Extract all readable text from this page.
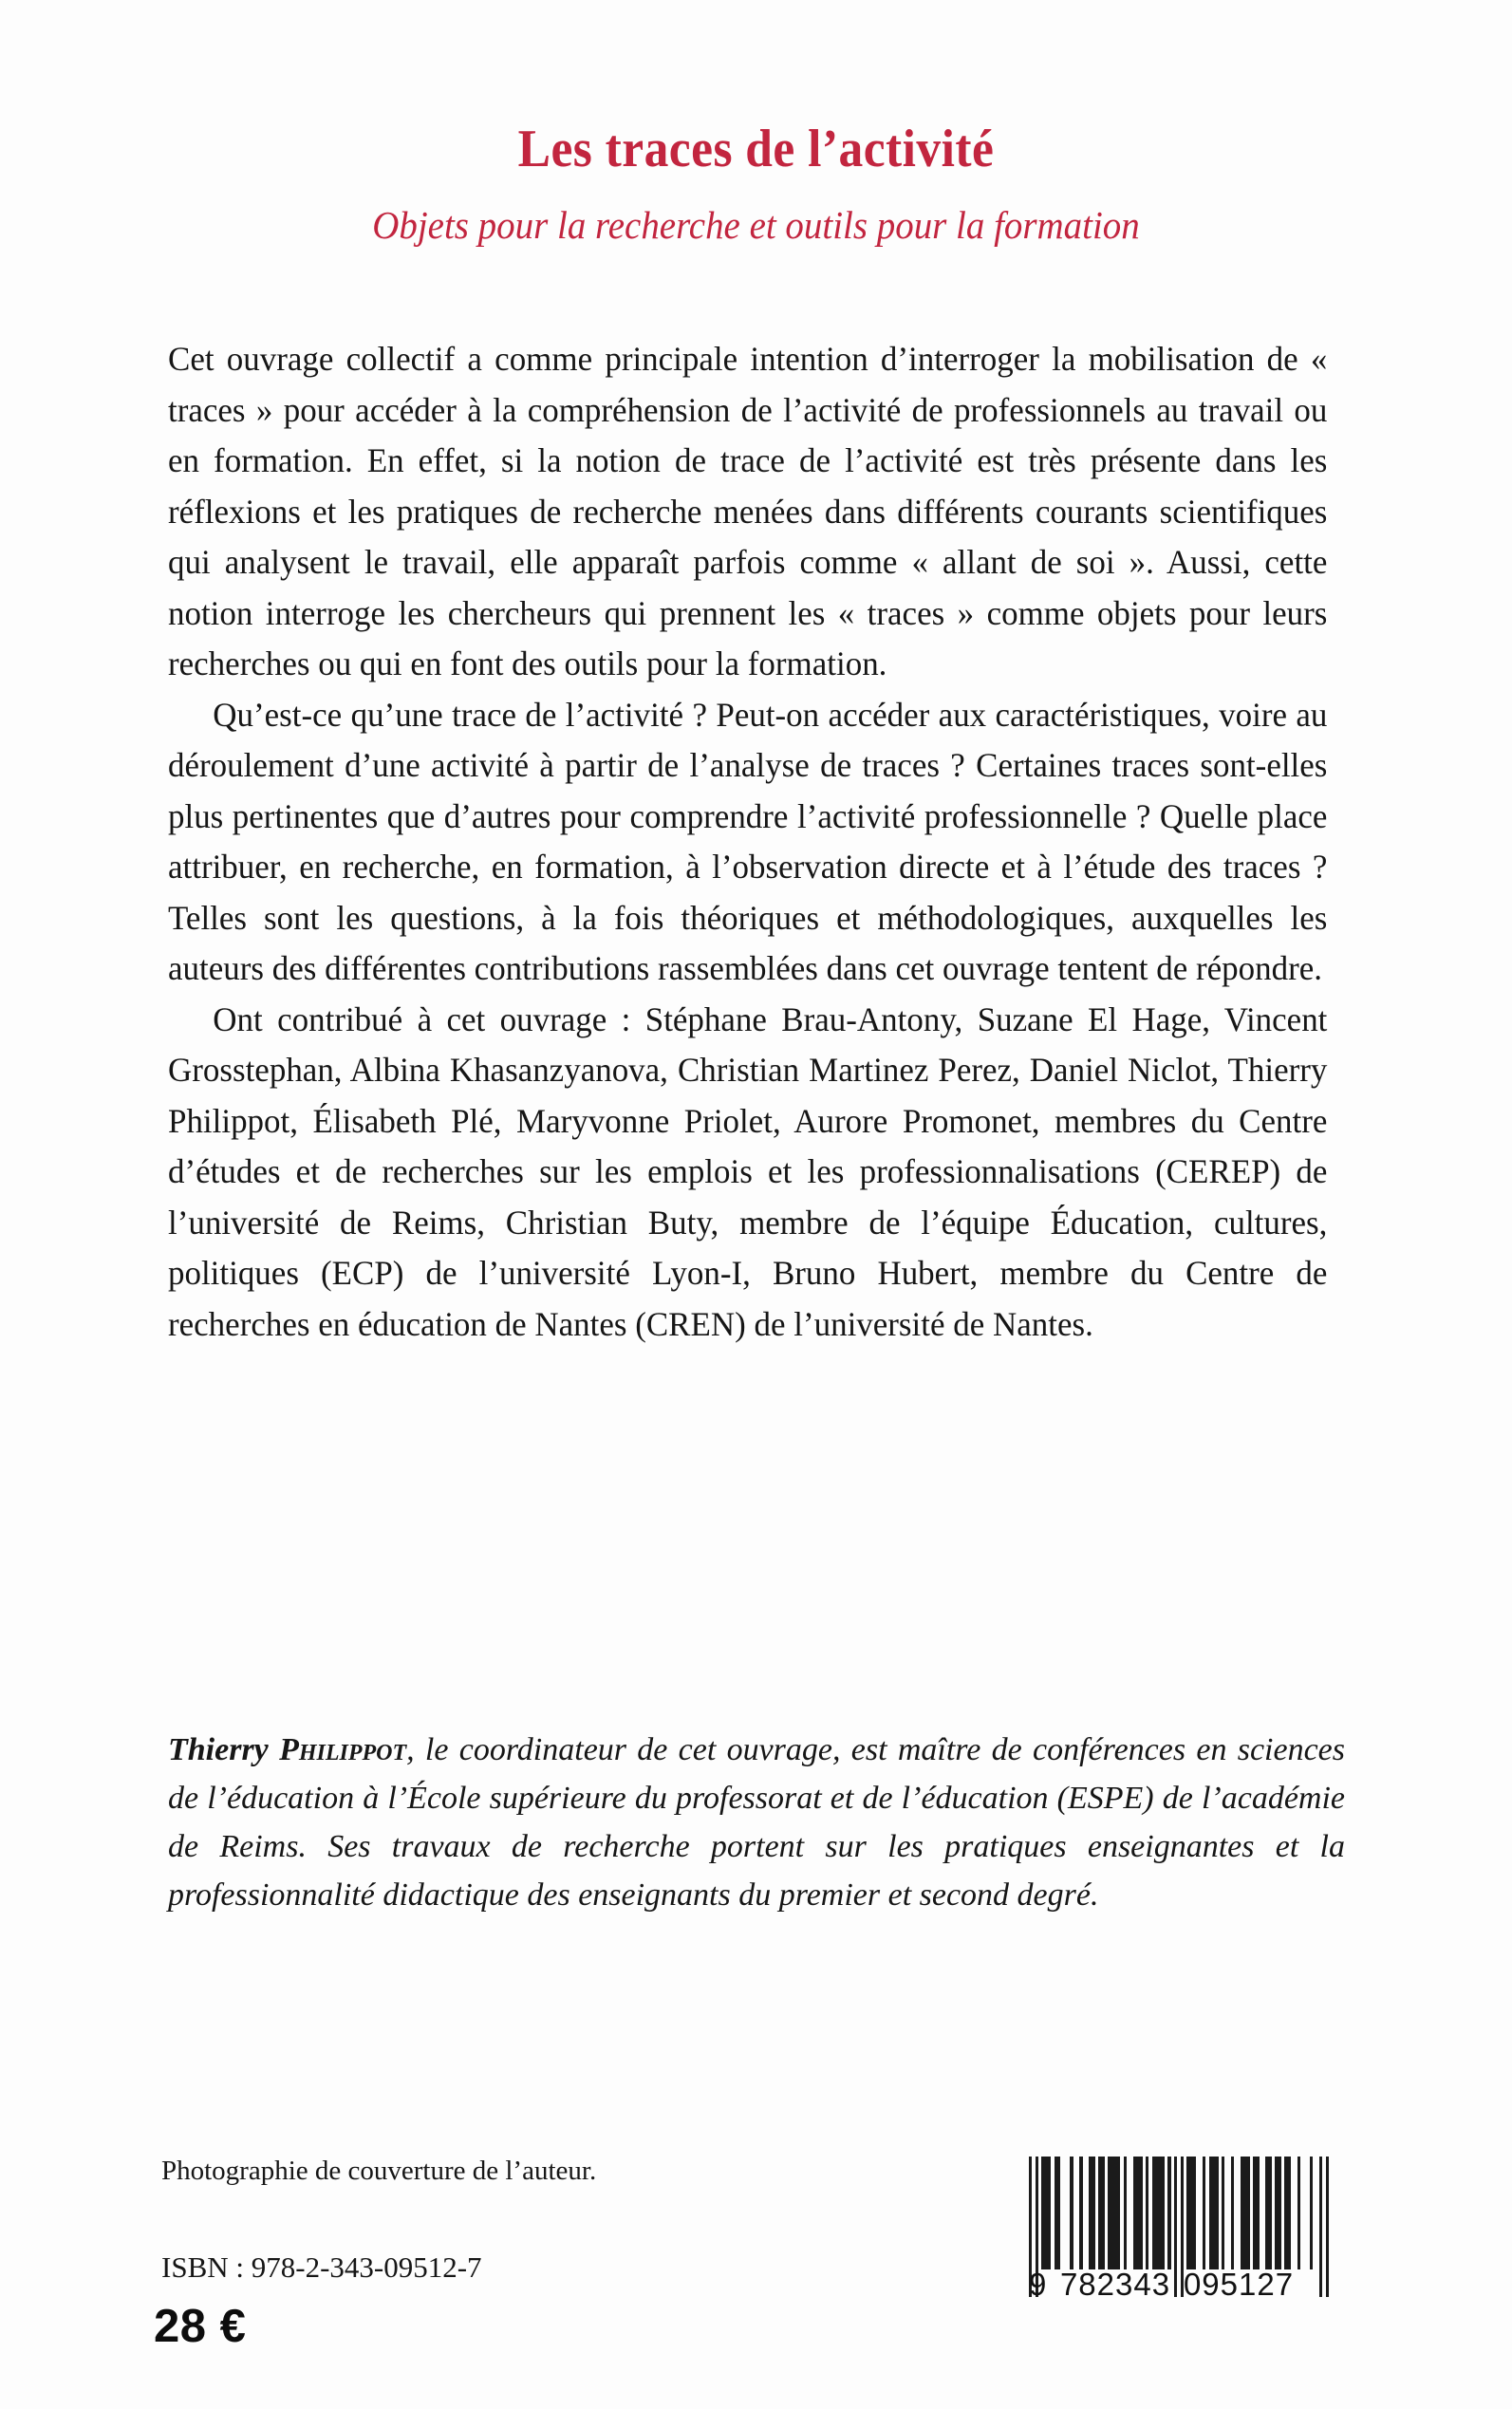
Les traces de l’activité
Objets pour la recherche et outils pour la formation

Cet ouvrage collectif a comme principale intention d’interroger la mobilisation de « traces » pour accéder à la compréhension de l’activité de professionnels au travail ou en formation. En effet, si la notion de trace de l’activité est très présente dans les réflexions et les pratiques de recherche menées dans différents courants scientifiques qui analysent le travail, elle apparaît parfois comme « allant de soi ». Aussi, cette notion interroge les chercheurs qui prennent les « traces » comme objets pour leurs recherches ou qui en font des outils pour la formation.

Qu’est-ce qu’une trace de l’activité ? Peut-on accéder aux caractéristiques, voire au déroulement d’une activité à partir de l’analyse de traces ? Certaines traces sont-elles plus pertinentes que d’autres pour comprendre l’activité professionnelle ? Quelle place attribuer, en recherche, en formation, à l’observation directe et à l’étude des traces ? Telles sont les questions, à la fois théoriques et méthodologiques, auxquelles les auteurs des différentes contributions rassemblées dans cet ouvrage tentent de répondre.

Ont contribué à cet ouvrage : Stéphane Brau-Antony, Suzane El Hage, Vincent Grosstephan, Albina Khasanzyanova, Christian Martinez Perez, Daniel Niclot, Thierry Philippot, Élisabeth Plé, Maryvonne Priolet, Aurore Promonet, membres du Centre d’études et de recherches sur les emplois et les professionnalisations (CEREP) de l’université de Reims, Christian Buty, membre de l’équipe Éducation, cultures, politiques (ECP) de l’université Lyon-I, Bruno Hubert, membre du Centre de recherches en éducation de Nantes (CREN) de l’université de Nantes.

Thierry Philippot, le coordinateur de cet ouvrage, est maître de conférences en sciences de l’éducation à l’École supérieure du professorat et de l’éducation (ESPE) de l’académie de Reims. Ses travaux de recherche portent sur les pratiques enseignantes et la professionnalité didactique des enseignants du premier et second degré.

Photographie de couverture de l’auteur.

ISBN : 978-2-343-09512-7

28 €

9 782343 095127
